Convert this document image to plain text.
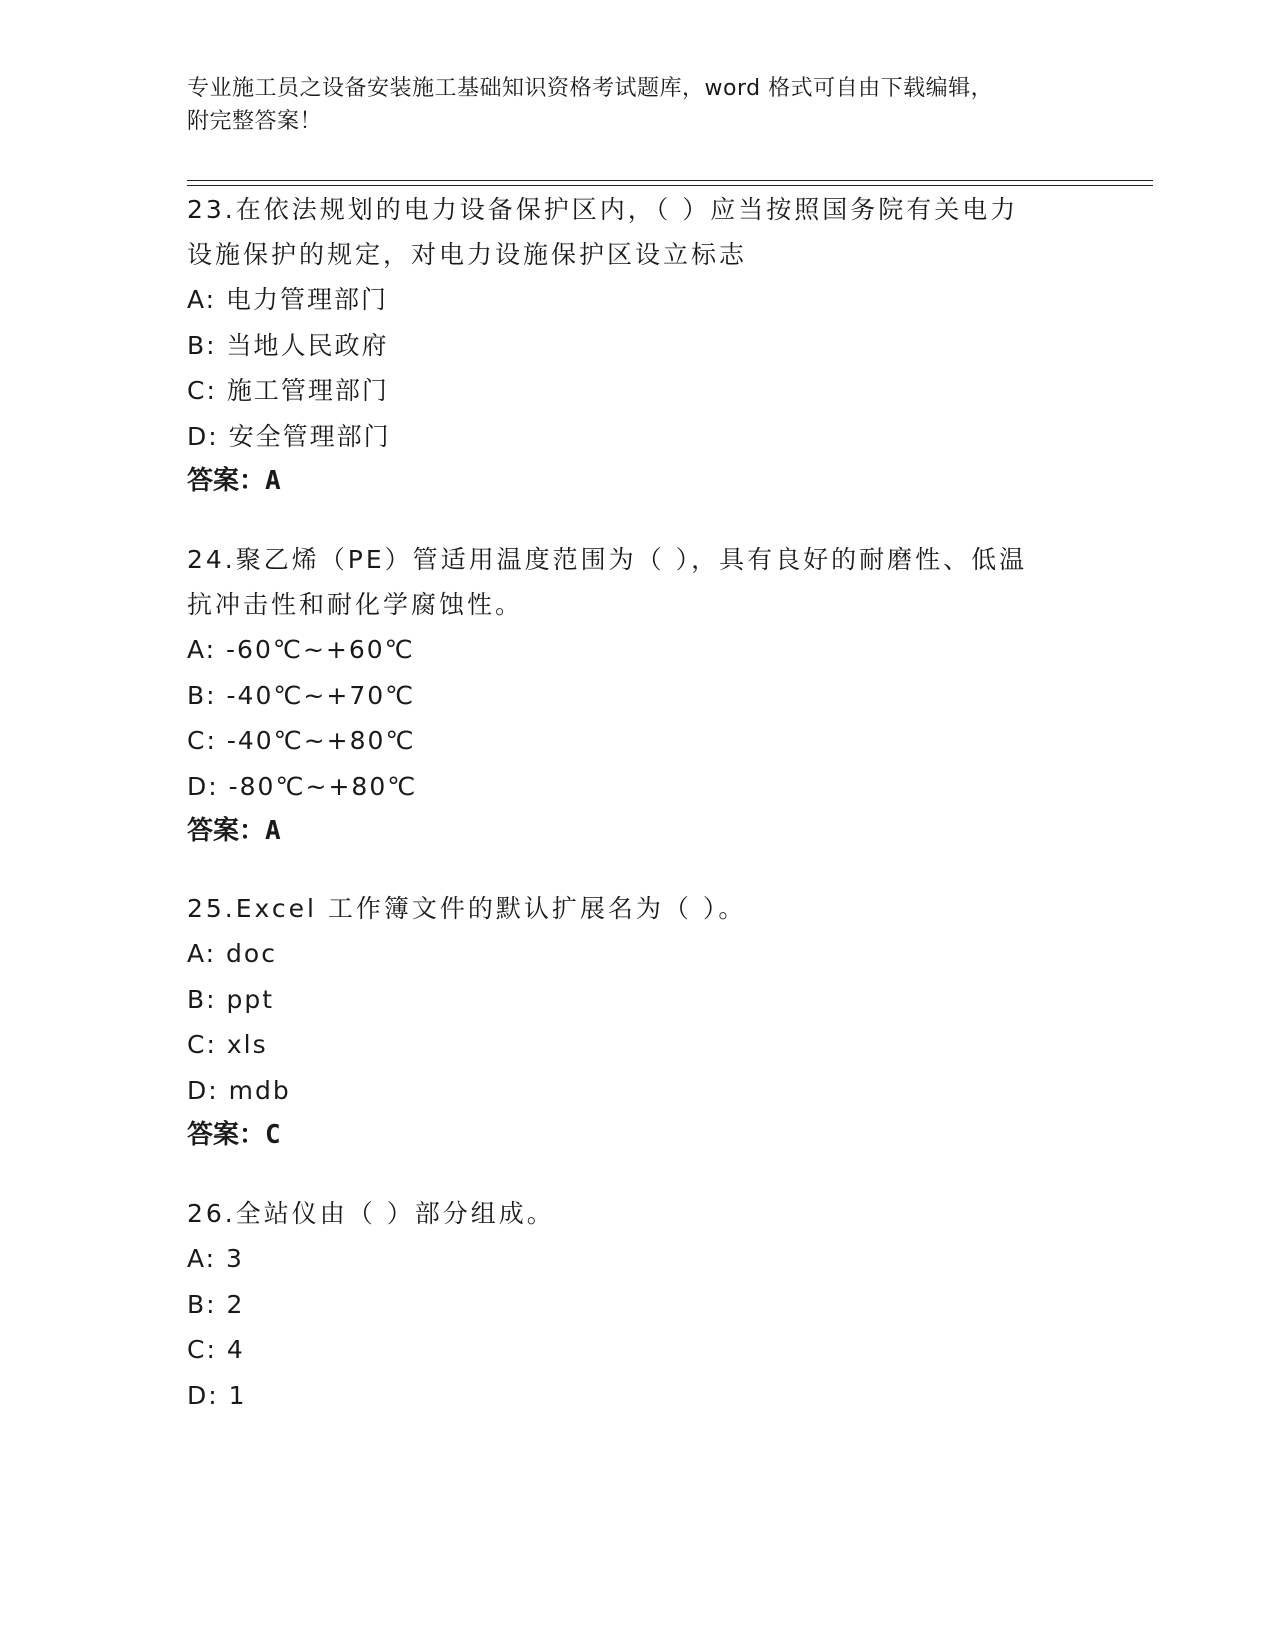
专业施工员之设备安装施工基础知识资格考试题库，word 格式可自由下载编辑，
附完整答案！

23.在依法规划的电力设备保护区内，（ ）应当按照国务院有关电力

设施保护的规定，对电力设施保护区设立标志

A: 电力管理部门

B: 当地人民政府

C: 施工管理部门

D: 安全管理部门

答案：A

24.聚乙烯（PE）管适用温度范围为（ ），具有良好的耐磨性、低温

抗冲击性和耐化学腐蚀性。

A: -60℃~+60℃

B: -40℃~+70℃

C: -40℃~+80℃

D: -80℃~+80℃

答案：A

25.Excel 工作簿文件的默认扩展名为（ ）。

A: doc

B: ppt

C: xls

D: mdb

答案：C

26.全站仪由（ ）部分组成。

A: 3

B: 2

C: 4

D: 1
